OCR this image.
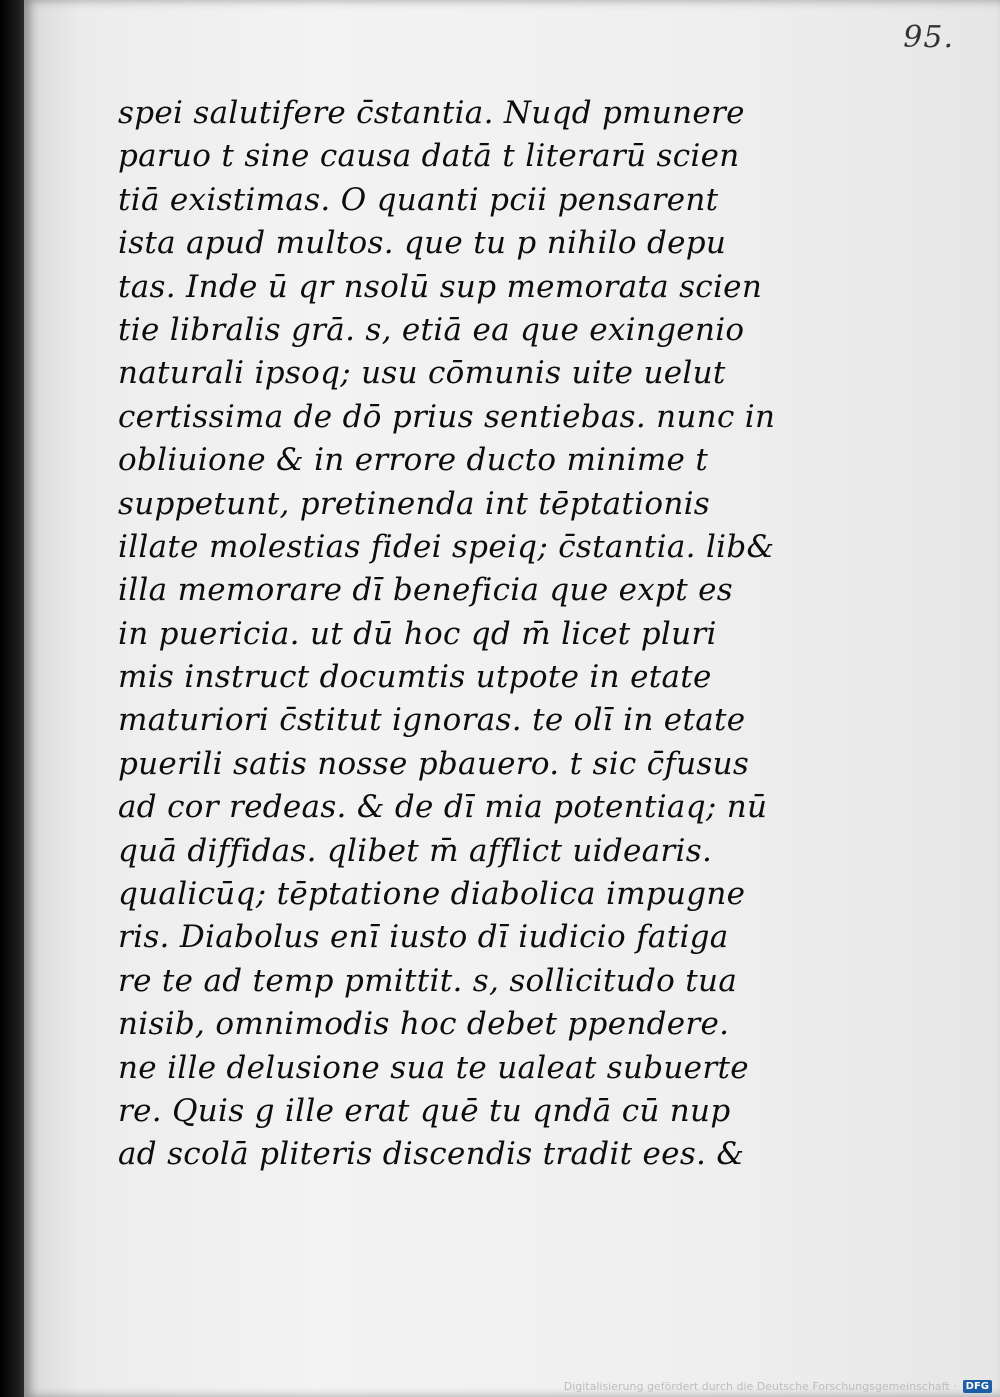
95.
spei salutifere c̄stantia. Nuqd pmunere
paruo t sine causa datā t literarū scien
tiā existimas. O quanti pcii pensarent
ista apud multos. que tu p nihilo depu
tas. Inde ū qr nsolū sup memorata scien
tie libralis grā. s, etiā ea que exingenio
naturali ipsoq; usu cōmunis uite uelut
certissima de dō prius sentiebas. nunc in
obliuione & in errore ducto minime t
suppetunt, pretinenda int tēptationis
illate molestias fidei speiq; c̄stantia. lib&
illa memorare dī beneficia que expt es
in puericia. ut dū hoc qd m̄ licet pluri
mis instruct documtis utpote in etate
maturiori c̄stitut ignoras. te olī in etate
puerili satis nosse pbauero. t sic c̄fusus
ad cor redeas. & de dī mia potentiaq; nū
quā diffidas. qlibet m̄ afflict uidearis.
qualicūq; tēptatione diabolica impugne
ris. Diabolus enī iusto dī iudicio fatiga
re te ad temp pmittit. s, sollicitudo tua
nisib, omnimodis hoc debet ppendere.
ne ille delusione sua te ualeat subuerte
re. Quis g ille erat quē tu qndā cū nup
ad scolā pliteris discendis tradit ees. &
Digitalisierung gefördert durch die Deutsche Forschungsgemeinschaft · DFG
